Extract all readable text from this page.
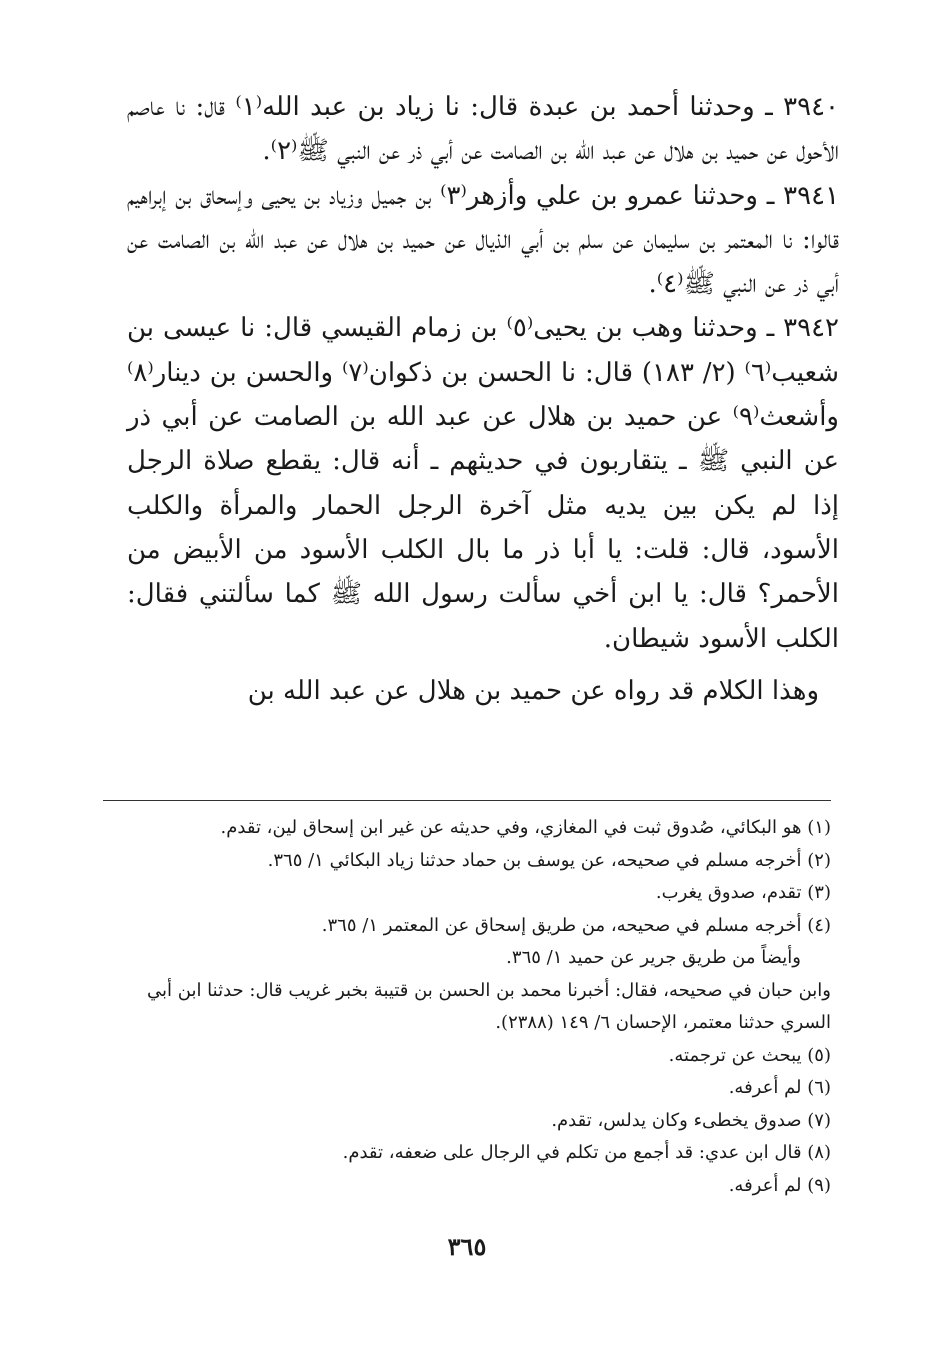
٣٩٤٠ ـ وحدثنا أحمد بن عبدة قال: نا زياد بن عبد الله⁽١⁾ قال: نا عاصم الأحول عن حميد بن هلال عن عبد الله بن الصامت عن أبي ذر عن النبي ﷺ⁽٢⁾.

٣٩٤١ ـ وحدثنا عمرو بن علي وأزهر⁽٣⁾ بن جميل وزياد بن يحيى وإسحاق بن إبراهيم قالوا: نا المعتمر بن سليمان عن سلم بن أبي الذيال عن حميد بن هلال عن عبد الله بن الصامت عن أبي ذر عن النبي ﷺ⁽٤⁾.

٣٩٤٢ ـ وحدثنا وهب بن يحيى⁽٥⁾ بن زمام القيسي قال: نا عيسى بن شعيب⁽٦⁾ (٢/ ١٨٣) قال: نا الحسن بن ذكوان⁽٧⁾ والحسن بن دينار⁽٨⁾ وأشعث⁽٩⁾ عن حميد بن هلال عن عبد الله بن الصامت عن أبي ذر عن النبي ﷺ ـ يتقاربون في حديثهم ـ أنه قال: يقطع صلاة الرجل إذا لم يكن بين يديه مثل آخرة الرجل الحمار والمرأة والكلب الأسود، قال: قلت: يا أبا ذر ما بال الكلب الأسود من الأبيض من الأحمر؟ قال: يا ابن أخي سألت رسول الله ﷺ كما سألتني فقال: الكلب الأسود شيطان.

وهذا الكلام قد رواه عن حميد بن هلال عن عبد الله بن

(١) هو البكائي، صُدوق ثبت في المغازي، وفي حديثه عن غير ابن إسحاق لين، تقدم.

(٢) أخرجه مسلم في صحيحه، عن يوسف بن حماد حدثنا زياد البكائي ١/ ٣٦٥.

(٣) تقدم، صدوق يغرب.

(٤) أخرجه مسلم في صحيحه، من طريق إسحاق عن المعتمر ١/ ٣٦٥.

وأيضاً من طريق جرير عن حميد ١/ ٣٦٥.

وابن حبان في صحيحه، فقال: أخبرنا محمد بن الحسن بن قتيبة بخبر غريب قال: حدثنا ابن أبي السري حدثنا معتمر، الإحسان ٦/ ١٤٩ (٢٣٨٨).

(٥) يبحث عن ترجمته.

(٦) لم أعرفه.

(٧) صدوق يخطىء وكان يدلس، تقدم.

(٨) قال ابن عدي: قد أجمع من تكلم في الرجال على ضعفه، تقدم.

(٩) لم أعرفه.

٣٦٥
